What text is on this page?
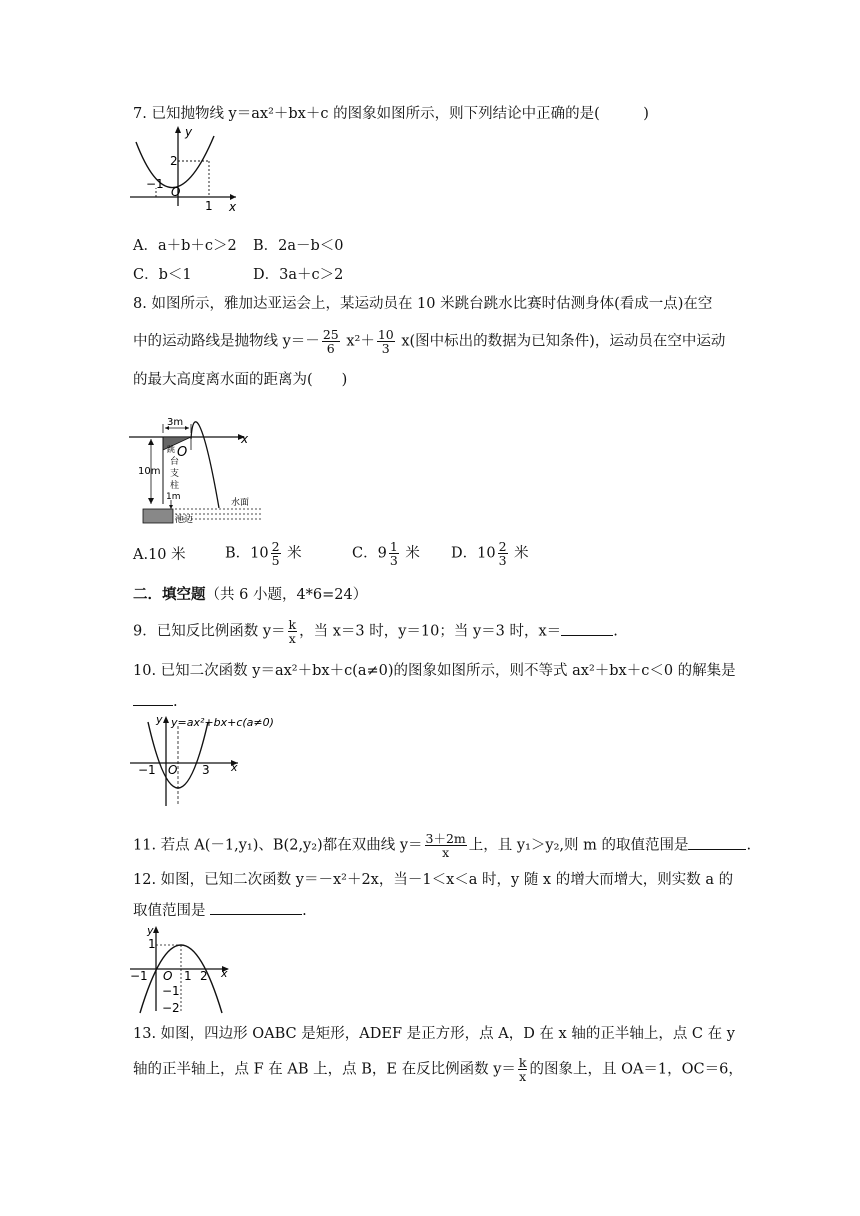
7. 已知抛物线 y＝ax²＋bx＋c 的图象如图所示，则下列结论中正确的是(　　　)
y
x
O
−1
1
2
A．a＋b＋c＞2 B．2a－b＜0
C．b＜1	D．3a＋c＞2
8. 如图所示，雅加达亚运会上，某运动员在 10 米跳台跳水比赛时估测身体(看成一点)在空
中的运动路线是抛物线 $y=- \frac{25}{6} x^2+ \frac{10}{3} x$(图中标出的数据为已知条件)，运动员在空中运动
的最大高度离水面的距离为(　　)
3m
10m
跳
台
支
柱
O
x
1m
水面
池边
A.10 米	B．$10 \frac{2}{5}$ 米	C．$9 \frac{1}{3}$ 米 D．$10 \frac{2}{3}$ 米
二．填空题（共 6 小题，4*6=24）
9．已知反比例函数 $y= \frac{k}{x}$ ，当 x＝3 时，y＝10；当 y＝3 时，x＝	.
10. 已知二次函数 y＝ax²＋bx＋c(a≠0)的图象如图所示，则不等式 ax²＋bx＋c＜0 的解集是
.
y y=ax²+bx+c(a≠0)
x
O
−1	3
11. 若点 A(－1,y₁)、B(2,y₂)都在双曲线 $y= \frac{3+2m}{x}$ 上，且 y₁＞y₂,则 m 的取值范围是	.
12. 如图，已知二次函数 y＝－x²＋2x，当－1＜x＜a 时，y 随 x 的增大而增大，则实数 a 的
取值范围是	.
y
x
O
−1	1 2
1
−1
−2
13. 如图，四边形 OABC 是矩形，ADEF 是正方形，点 A，D 在 x 轴的正半轴上，点 C 在 y
轴的正半轴上，点 F 在 AB 上，点 B，E 在反比例函数 $y= \frac{k}{x}$ 的图象上，且 OA＝1，OC＝6，
